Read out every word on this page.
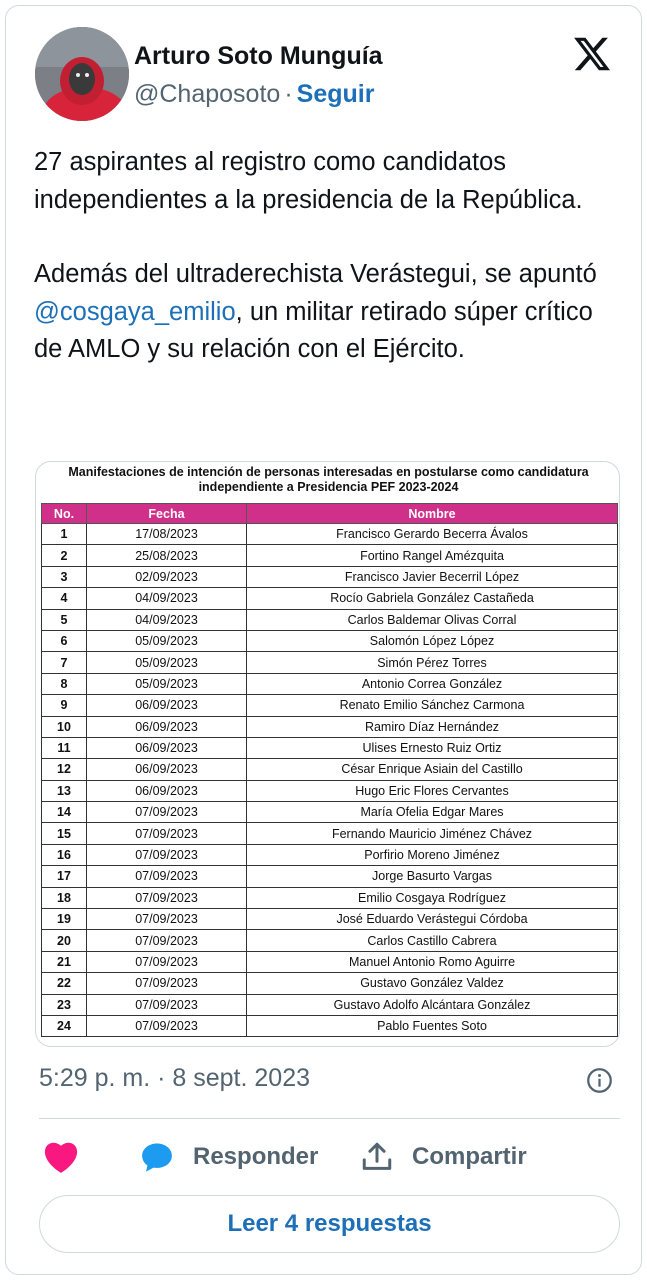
Arturo Soto Munguía
@Chaposoto · Seguir

27 aspirantes al registro como candidatos independientes a la presidencia de la República.

Además del ultraderechista Verástegui, se apuntó @cosgaya_emilio, un militar retirado súper crítico de AMLO y su relación con el Ejército.

Manifestaciones de intención de personas interesadas en postularse como candidatura
independiente a Presidencia PEF 2023-2024
No.	Fecha	Nombre
1	17/08/2023	Francisco Gerardo Becerra Ávalos
2	25/08/2023	Fortino Rangel Amézquita
3	02/09/2023	Francisco Javier Becerril López
4	04/09/2023	Rocío Gabriela González Castañeda
5	04/09/2023	Carlos Baldemar Olivas Corral
6	05/09/2023	Salomón López López
7	05/09/2023	Simón Pérez Torres
8	05/09/2023	Antonio Correa González
9	06/09/2023	Renato Emilio Sánchez Carmona
10	06/09/2023	Ramiro Díaz Hernández
11	06/09/2023	Ulises Ernesto Ruiz Ortiz
12	06/09/2023	César Enrique Asiain del Castillo
13	06/09/2023	Hugo Eric Flores Cervantes
14	07/09/2023	María Ofelia Edgar Mares
15	07/09/2023	Fernando Mauricio Jiménez Chávez
16	07/09/2023	Porfirio Moreno Jiménez
17	07/09/2023	Jorge Basurto Vargas
18	07/09/2023	Emilio Cosgaya Rodríguez
19	07/09/2023	José Eduardo Verástegui Córdoba
20	07/09/2023	Carlos Castillo Cabrera
21	07/09/2023	Manuel Antonio Romo Aguirre
22	07/09/2023	Gustavo González Valdez
23	07/09/2023	Gustavo Adolfo Alcántara González
24	07/09/2023	Pablo Fuentes Soto
5:29 p. m. · 8 sept. 2023
Responder	Compartir
Leer 4 respuestas
